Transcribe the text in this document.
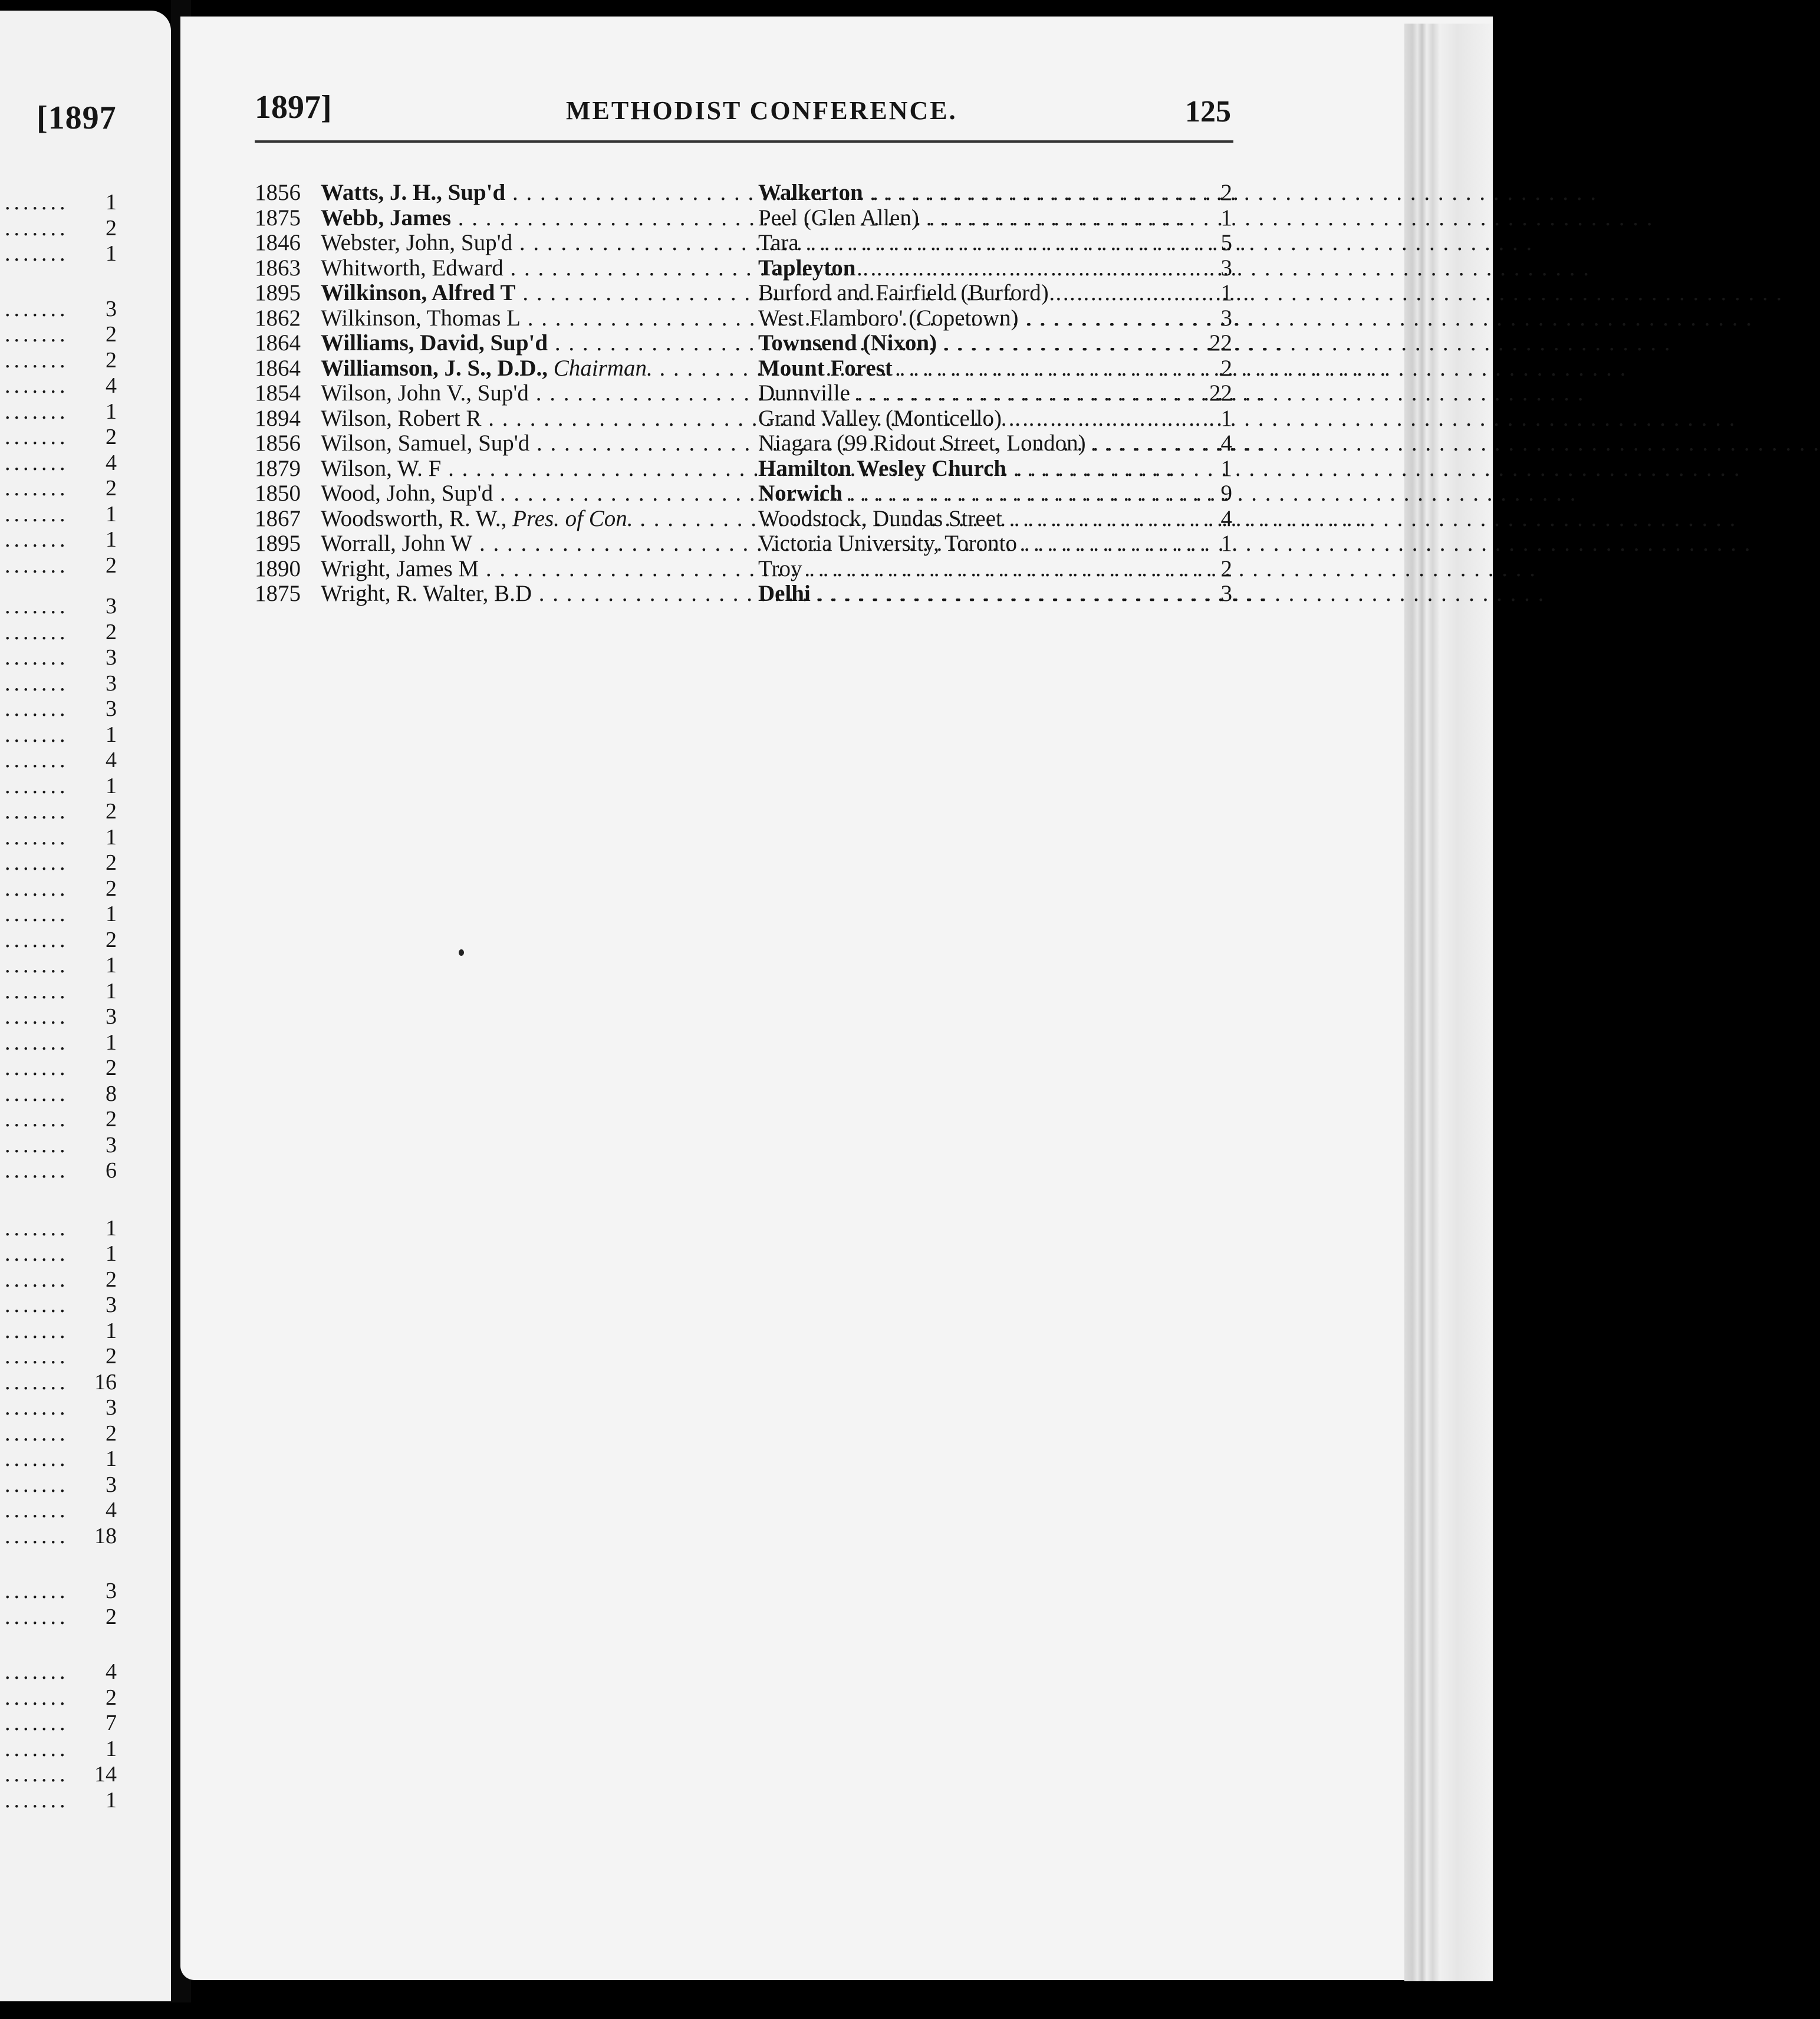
[1897
.......	1
.......	2
.......	1
.......	3
.......	2
.......	2
.......	4
.......	1
.......	2
.......	4
.......	2
.......	1
.......	1
.......	2
.......	3
.......	2
.......	3
.......	3
.......	3
.......	1
.......	4
.......	1
.......	2
.......	1
.......	2
.......	2
.......	1
.......	2
.......	1
.......	1
.......	3
.......	1
.......	2
.......	8
.......	2
.......	3
.......	6
.......	1
.......	1
.......	2
.......	3
.......	1
.......	2
.......	16
.......	3
.......	2
.......	1
.......	3
.......	4
.......	18
.......	3
.......	2
.......	4
.......	2
.......	7
.......	1
.......	14
.......	1
1897]	METHODIST CONFERENCE.	125
1856 Watts, J. H., Sup'd . . .	Walkerton . . .	2
1875 Webb, James . . .	Peel (Glen Allen) . . .	1
1846 Webster, John, Sup'd . . .	Tara . . .	5
1863 Whitworth, Edward . . .	Tapleyton . . .	3
1895 Wilkinson, Alfred T . . .	Burford and Fairfield (Burford) . . .	1
1862 Wilkinson, Thomas L . . .	West Flamboro' (Copetown) . . .	3
1864 Williams, David, Sup'd . . .	Townsend (Nixon) . . .	22
1864 Williamson, J. S., D.D., Chairman. . . .	Mount Forest . . .	2
1854 Wilson, John V., Sup'd . . .	Dunnville . . .	22
1894 Wilson, Robert R . . .	Grand Valley (Monticello) . . .	1
1856 Wilson, Samuel, Sup'd . . .	Niagara (99 Ridout Street, London) . . .	4
1879 Wilson, W. F . . .	Hamilton Wesley Church . . .	1
1850 Wood, John, Sup'd . . .	Norwich . . .	9
1867 Woodsworth, R. W., Pres. of Con. . . .	Woodstock, Dundas Street . . .	4
1895 Worrall, John W . . .	Victoria University, Toronto . . .	1
1890 Wright, James M . . .	Troy . . .	2
1875 Wright, R. Walter, B.D . . .	Delhi . . .	3
